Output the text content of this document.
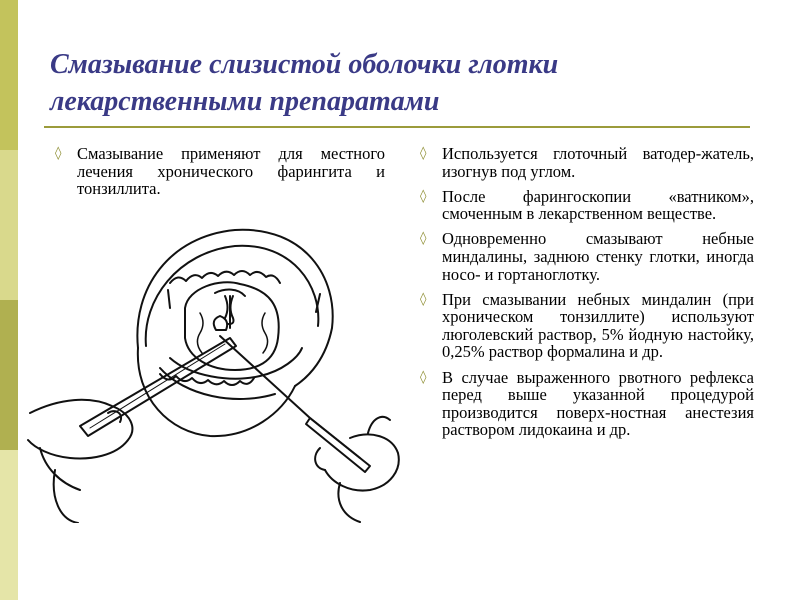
Смазывание слизистой оболочки глотки
лекарственными препаратами
◊ Смазывание применяют для местного лечения хронического фарингита и тонзиллита.
◊ Используется глоточный ватодер-жатель, изогнув под углом.
◊ После фарингоскопии «ватником», смоченным в лекарственном веществе.
◊ Одновременно смазывают небные миндалины, заднюю стенку глотки, иногда носо- и гортаноглотку.
◊ При смазывании небных миндалин (при хроническом тонзиллите) используют люголевский раствор, 5% йодную настойку, 0,25% раствор формалина и др.
◊ В случае выраженного рвотного рефлекса перед выше указанной процедурой производится поверх-ностная анестезия раствором лидокаина и др.
